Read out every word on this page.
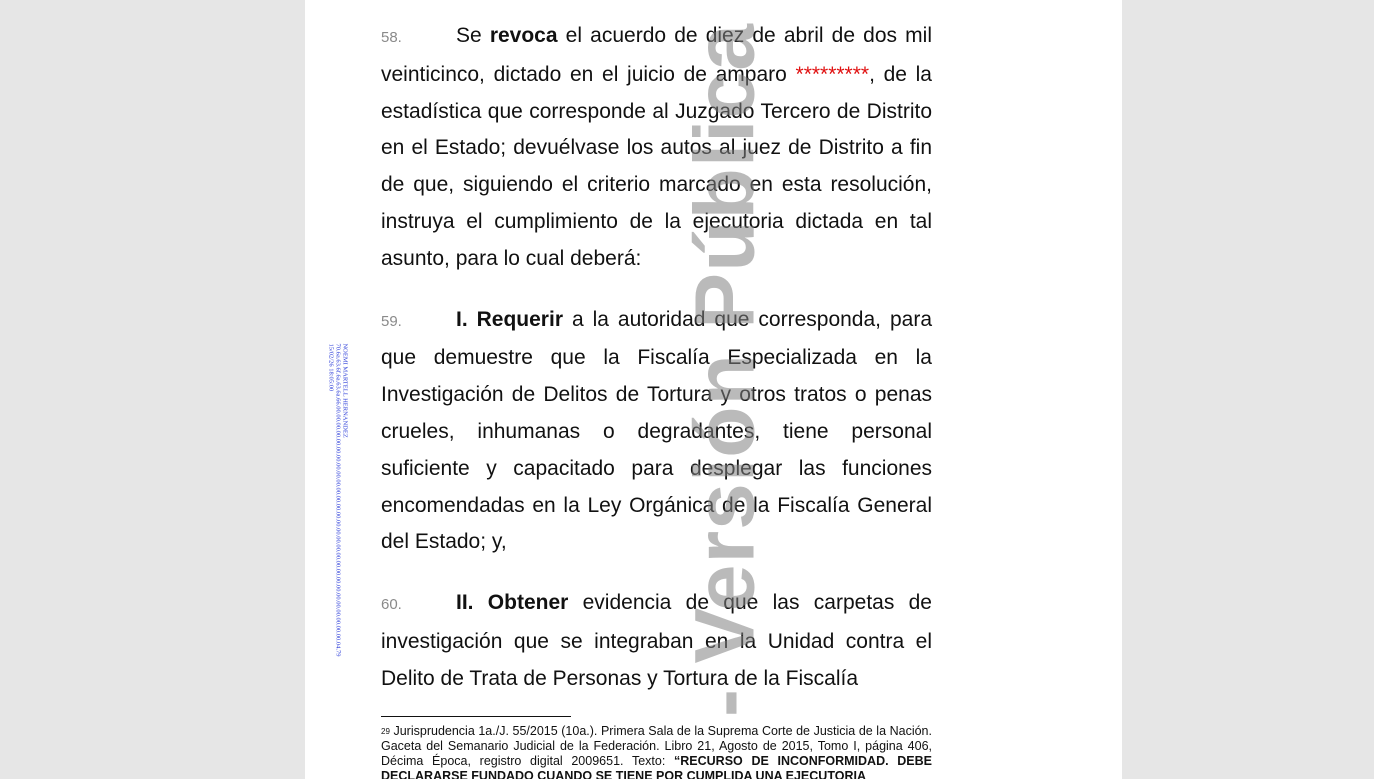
58.	Se revoca el acuerdo de diez de abril de dos mil veinticinco, dictado en el juicio de amparo *********, de la estadística que corresponde al Juzgado Tercero de Distrito en el Estado; devuélvase los autos al juez de Distrito a fin de que, siguiendo el criterio marcado en esta resolución, instruya el cumplimiento de la ejecutoria dictada en tal asunto, para lo cual deberá:

59.	I. Requerir a la autoridad que corresponda, para que demuestre que la Fiscalía Especializada en la Investigación de Delitos de Tortura y otros tratos o penas crueles, inhumanas o degradantes, tiene personal suficiente y capacitado para desplegar las funciones encomendadas en la Ley Orgánica de la Fiscalía General del Estado; y,

60.	II. Obtener evidencia de que las carpetas de investigación que se integraban en la Unidad contra el Delito de Trata de Personas y Tortura de la Fiscalía

$^{29}$ Jurisprudencia 1a./J. 55/2015 (10a.). Primera Sala de la Suprema Corte de Justicia de la Nación. Gaceta del Semanario Judicial de la Federación. Libro 21, Agosto de 2015, Tomo I, página 406, Décima Época, registro digital 2009651. Texto: “RECURSO DE INCONFORMIDAD. DEBE DECLARARSE FUNDADO CUANDO SE TIENE POR CUMPLIDA UNA EJECUTORIA
- Versión Pública
NOEMI MARTELL HERNANDEZ
70.6a.63.6f.6a.63.6a.66.00.00.00.00.00.00.00.00.00.00.00.00.00.00.00.00.00.00.00.00.00.00.00.00.00.00.00.00.00.04.79
15/02/26 18:05:00
